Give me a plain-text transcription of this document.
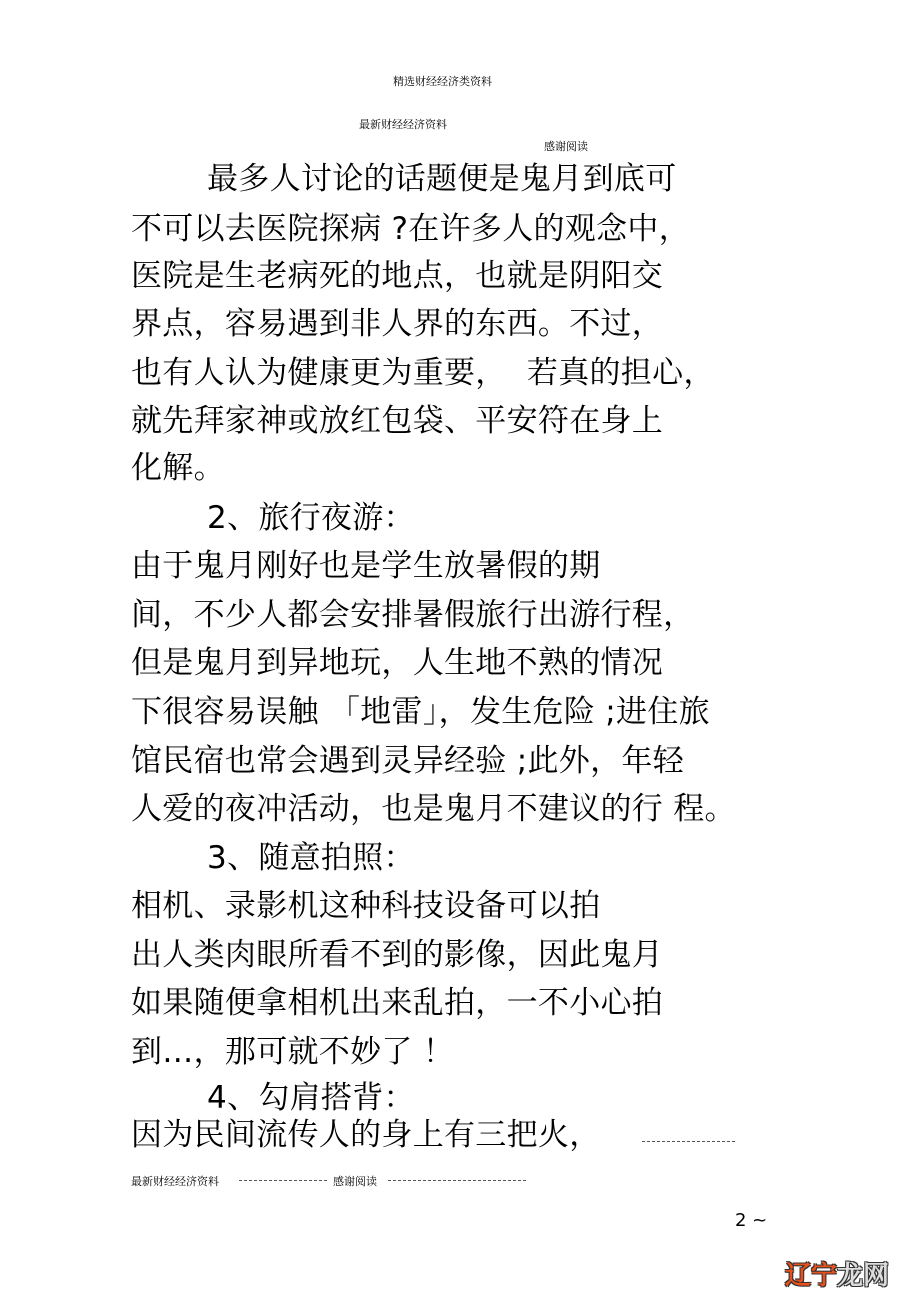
精选财经经济类资料
最新财经经济资料
感谢阅读
最多人讨论的话题便是鬼月到底可
不可以去医院探病 ?在许多人的观念中，
医院是生老病死的地点，也就是阴阳交
界点，容易遇到非人界的东西。不过，
也有人认为健康更为重要，  若真的担心，
就先拜家神或放红包袋、平安符在身上
化解。
2、旅行夜游：
由于鬼月刚好也是学生放暑假的期
间，不少人都会安排暑假旅行出游行程，
但是鬼月到异地玩，人生地不熟的情况
下很容易误触 「地雷」，发生危险 ;进住旅
馆民宿也常会遇到灵异经验 ;此外，年轻
人爱的夜冲活动，也是鬼月不建议的行 程。
3、随意拍照：
相机、录影机这种科技设备可以拍
出人类肉眼所看不到的影像，因此鬼月
如果随便拿相机出来乱拍，一不小心拍
到…，那可就不妙了 ！
4、勾肩搭背：
因为民间流传人的身上有三把火，
最新财经经济资料	感谢阅读
2 ~
辽宁龙网
